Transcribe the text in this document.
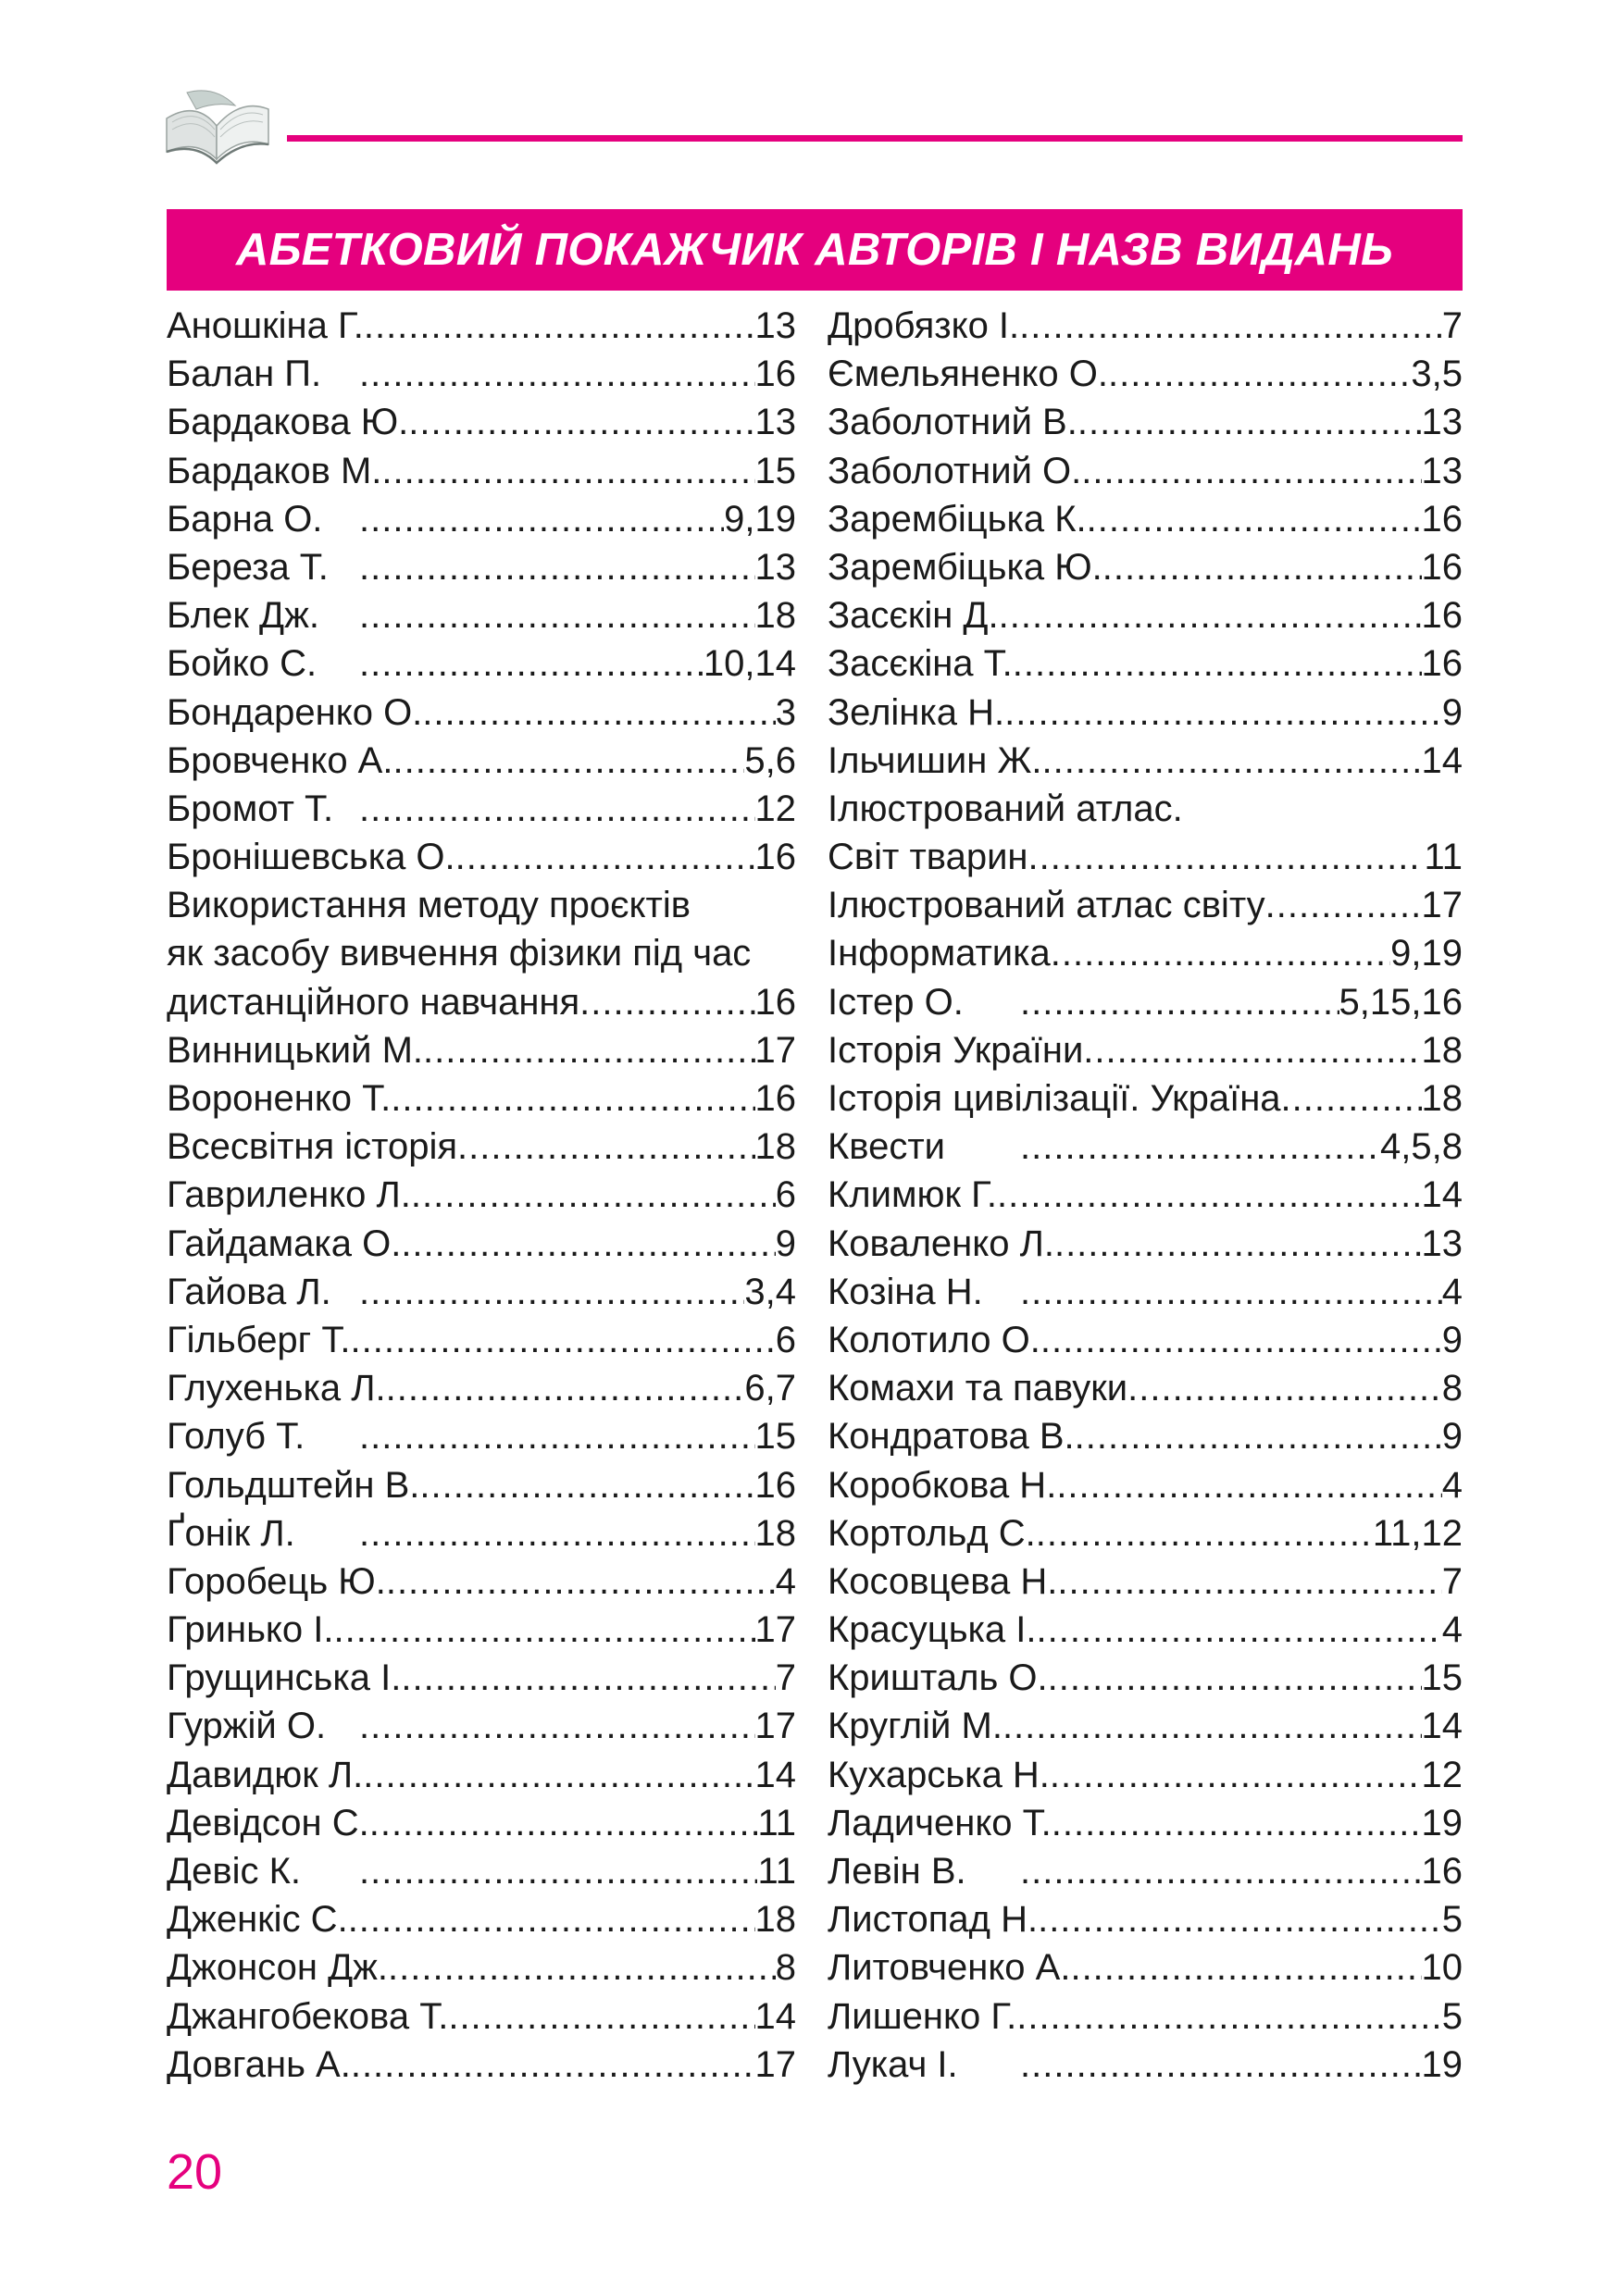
АБЕТКОВИЙ ПОКАЖЧИК АВТОРІВ І НАЗВ ВИДАНЬ
Аношкіна Г. .....	13
Балан П. .....	16
Бардакова Ю. .....	13
Бардаков М. .....	15
Барна О. .....	9,19
Береза Т. .....	13
Блек Дж. .....	18
Бойко С. .....	10,14
Бондаренко О. .....	3
Бровченко А. .....	5,6
Бромот Т. .....	12
Бронішевська О. .....	16
Використання методу проєктів
як засобу вивчення фізики під час
дистанційного навчання .....	16
Винницький М. .....	17
Вороненко Т. .....	16
Всесвітня історія .....	18
Гавриленко Л. .....	6
Гайдамака О. .....	9
Гайова Л. .....	3,4
Гільберг Т. .....	6
Глухенька Л. .....	6,7
Голуб Т. .....	15
Гольдштейн В. .....	16
Ґонік Л. .....	18
Горобець Ю. .....	4
Гринько І. .....	17
Грущинська І. .....	7
Гуржій О. .....	17
Давидюк Л. .....	14
Девідсон С. .....	11
Девіс К. .....	11
Дженкіс С. .....	18
Джонсон Дж. .....	8
Джангобекова Т. .....	14
Довгань А. .....	17
Дробязко І. .....	7
Ємельяненко О. .....	3,5
Заболотний В. .....	13
Заболотний О. .....	13
Зарембіцька К. .....	16
Зарембіцька Ю. .....	16
Засєкін Д. .....	16
Засєкіна Т. .....	16
Зелінка Н. .....	9
Ільчишин Ж. .....	14
Ілюстрований атлас.
Світ тварин .....	11
Ілюстрований атлас світу .....	17
Інформатика .....	9,19
Істер О. .....	5,15,16
Історія України .....	18
Історія цивілізації. Україна .....	18
Квести .....	4,5,8
Климюк Г. .....	14
Коваленко Л. .....	13
Козіна Н. .....	4
Колотило О. .....	9
Комахи та павуки .....	8
Кондратова В. .....	9
Коробкова Н. .....	4
Кортольд С. .....	11,12
Косовцева Н. .....	7
Красуцька І. .....	4
Кришталь О. .....	15
Круглій М. .....	14
Кухарська Н. .....	12
Ладиченко Т. .....	19
Левін В. .....	16
Листопад Н. .....	5
Литовченко А. .....	10
Лишенко Г. .....	5
Лукач І. .....	19
20
